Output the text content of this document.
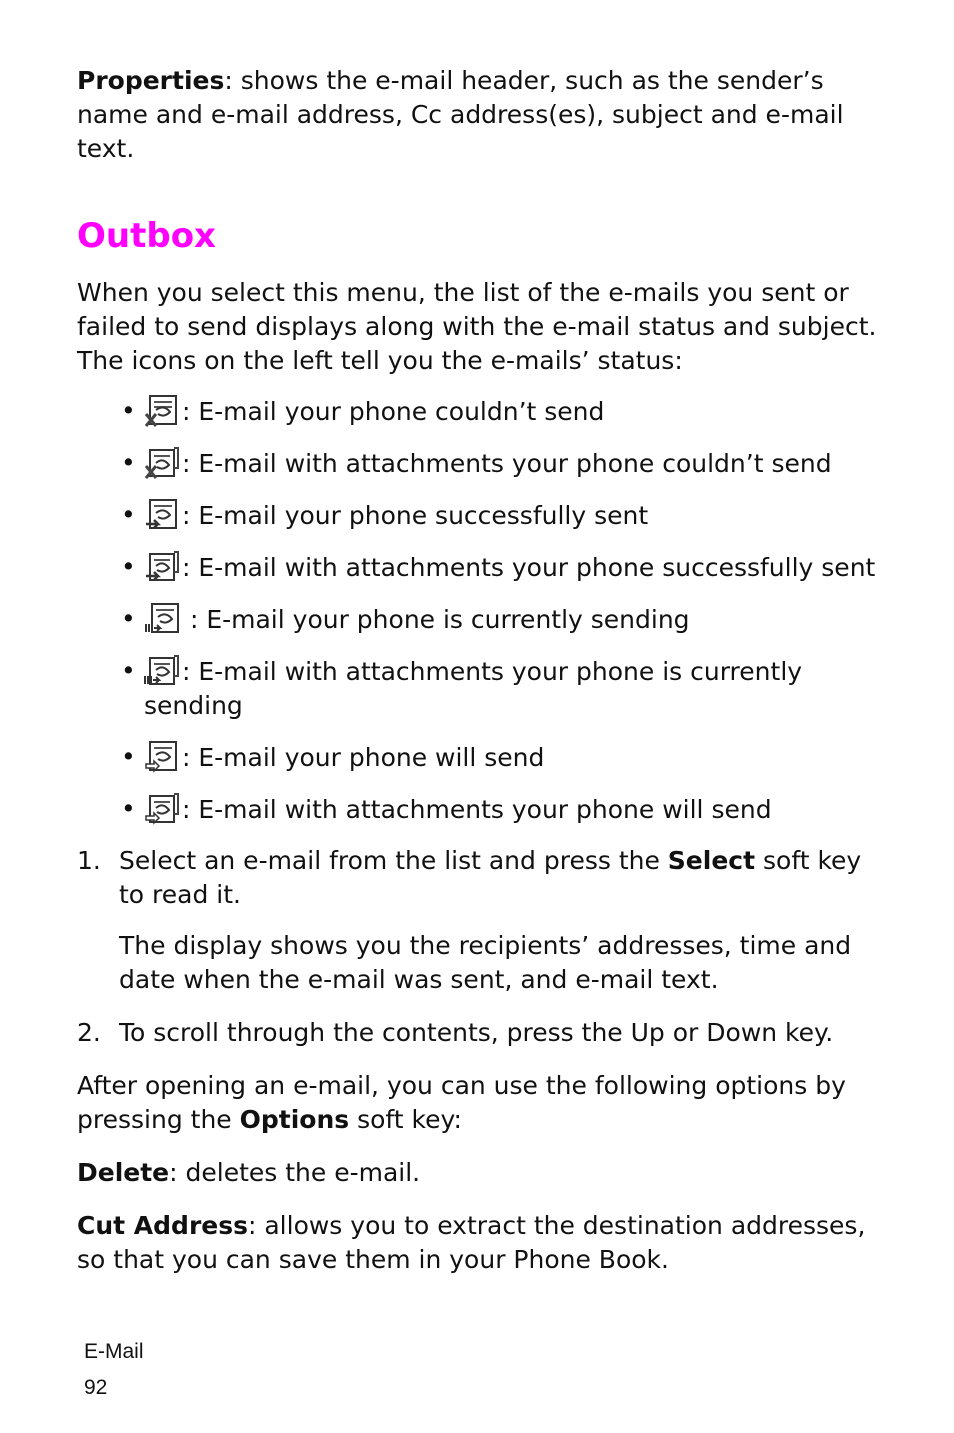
Properties: shows the e-mail header, such as the sender’s name and e-mail address, Cc address(es), subject and e-mail text.

Outbox

When you select this menu, the list of the e-mails you sent or failed to send displays along with the e-mail status and subject. The icons on the left tell you the e-mails’ status:

• : E-mail your phone couldn’t send
• : E-mail with attachments your phone couldn’t send
• : E-mail your phone successfully sent
• : E-mail with attachments your phone successfully sent
• : E-mail your phone is currently sending
• : E-mail with attachments your phone is currently sending
• : E-mail your phone will send
• : E-mail with attachments your phone will send
1. Select an e-mail from the list and press the Select soft key to read it.
The display shows you the recipients’ addresses, time and date when the e-mail was sent, and e-mail text.
2. To scroll through the contents, press the Up or Down key.

After opening an e-mail, you can use the following options by pressing the Options soft key:

Delete: deletes the e-mail.

Cut Address: allows you to extract the destination addresses, so that you can save them in your Phone Book.

E-Mail
92
